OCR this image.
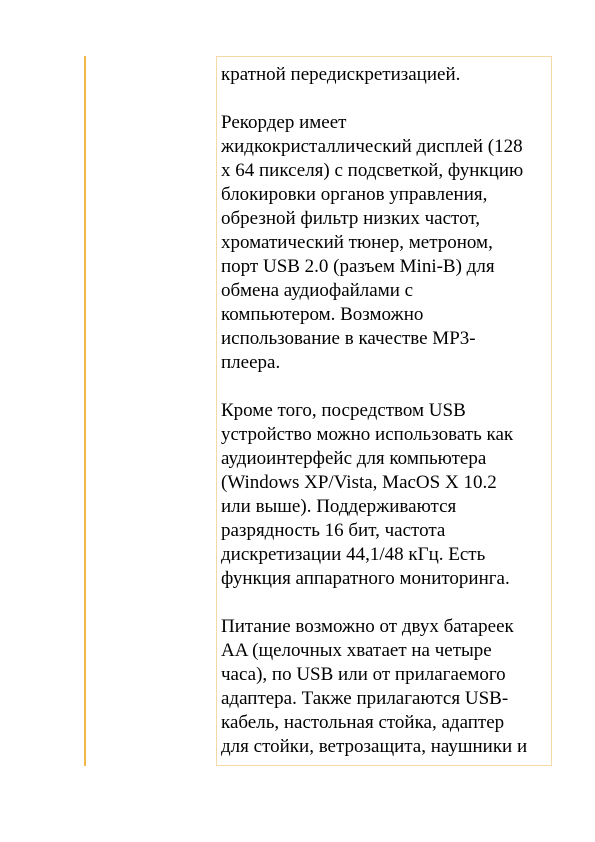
кратной передискретизацией.

Рекордер имеет
жидкокристаллический дисплей (128
x 64 пикселя) с подсветкой, функцию
блокировки органов управления,
обрезной фильтр низких частот,
хроматический тюнер, метроном,
порт USB 2.0 (разъем Mini-B) для
обмена аудиофайлами с
компьютером. Возможно
использование в качестве MP3-
плеера.

Кроме того, посредством USB
устройство можно использовать как
аудиоинтерфейс для компьютера
(Windows XP/Vista, MacOS X 10.2
или выше). Поддерживаются
разрядность 16 бит, частота
дискретизации 44,1/48 кГц. Есть
функция аппаратного мониторинга.

Питание возможно от двух батареек
AA (щелочных хватает на четыре
часа), по USB или от прилагаемого
адаптера. Также прилагаются USB-
кабель, настольная стойка, адаптер
для стойки, ветрозащита, наушники и
